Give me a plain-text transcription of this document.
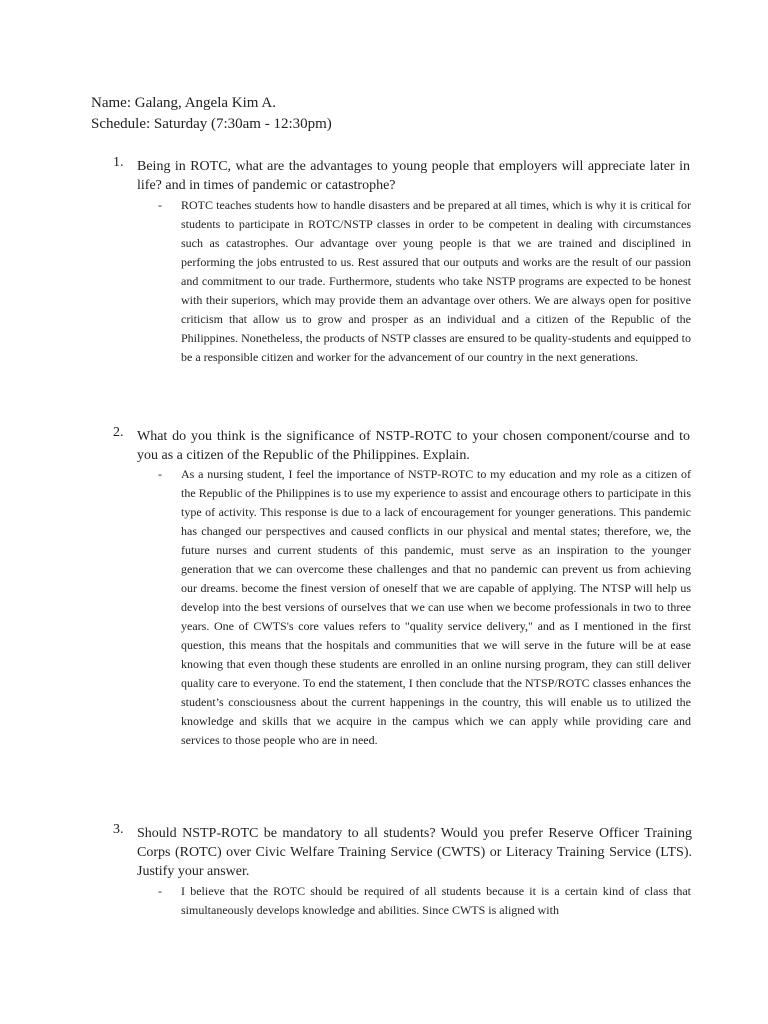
Name: Galang, Angela Kim A.
Schedule: Saturday (7:30am - 12:30pm)
1. Being in ROTC, what are the advantages to young people that employers will appreciate later in life? and in times of pandemic or catastrophe?
- ROTC teaches students how to handle disasters and be prepared at all times, which is why it is critical for students to participate in ROTC/NSTP classes in order to be competent in dealing with circumstances such as catastrophes. Our advantage over young people is that we are trained and disciplined in performing the jobs entrusted to us. Rest assured that our outputs and works are the result of our passion and commitment to our trade. Furthermore, students who take NSTP programs are expected to be honest with their superiors, which may provide them an advantage over others. We are always open for positive criticism that allow us to grow and prosper as an individual and a citizen of the Republic of the Philippines. Nonetheless, the products of NSTP classes are ensured to be quality-students and equipped to be a responsible citizen and worker for the advancement of our country in the next generations.
2. What do you think is the significance of NSTP-ROTC to your chosen component/course and to you as a citizen of the Republic of the Philippines. Explain.
- As a nursing student, I feel the importance of NSTP-ROTC to my education and my role as a citizen of the Republic of the Philippines is to use my experience to assist and encourage others to participate in this type of activity. This response is due to a lack of encouragement for younger generations. This pandemic has changed our perspectives and caused conflicts in our physical and mental states; therefore, we, the future nurses and current students of this pandemic, must serve as an inspiration to the younger generation that we can overcome these challenges and that no pandemic can prevent us from achieving our dreams. become the finest version of oneself that we are capable of applying. The NTSP will help us develop into the best versions of ourselves that we can use when we become professionals in two to three years. One of CWTS's core values refers to "quality service delivery," and as I mentioned in the first question, this means that the hospitals and communities that we will serve in the future will be at ease knowing that even though these students are enrolled in an online nursing program, they can still deliver quality care to everyone. To end the statement, I then conclude that the NTSP/ROTC classes enhances the student’s consciousness about the current happenings in the country, this will enable us to utilized the knowledge and skills that we acquire in the campus which we can apply while providing care and services to those people who are in need.
3. Should NSTP-ROTC be mandatory to all students? Would you prefer Reserve Officer Training Corps (ROTC) over Civic Welfare Training Service (CWTS) or Literacy Training Service (LTS). Justify your answer.
- I believe that the ROTC should be required of all students because it is a certain kind of class that simultaneously develops knowledge and abilities. Since CWTS is aligned with
